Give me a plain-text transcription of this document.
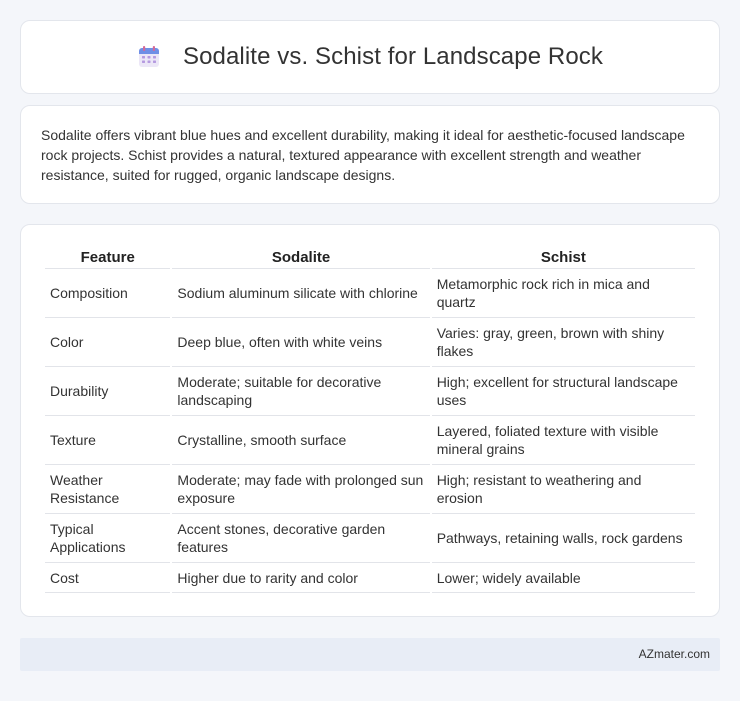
Sodalite vs. Schist for Landscape Rock

Sodalite offers vibrant blue hues and excellent durability, making it ideal for aesthetic-focused landscape rock projects. Schist provides a natural, textured appearance with excellent strength and weather resistance, suited for rugged, organic landscape designs.

Feature	Sodalite	Schist
Composition	Sodium aluminum silicate with chlorine	Metamorphic rock rich in mica and quartz
Color	Deep blue, often with white veins	Varies: gray, green, brown with shiny flakes
Durability	Moderate; suitable for decorative landscaping	High; excellent for structural landscape uses
Texture	Crystalline, smooth surface	Layered, foliated texture with visible mineral grains
Weather Resistance	Moderate; may fade with prolonged sun exposure	High; resistant to weathering and erosion
Typical Applications	Accent stones, decorative garden features	Pathways, retaining walls, rock gardens
Cost	Higher due to rarity and color	Lower; widely available
AZmater.com
